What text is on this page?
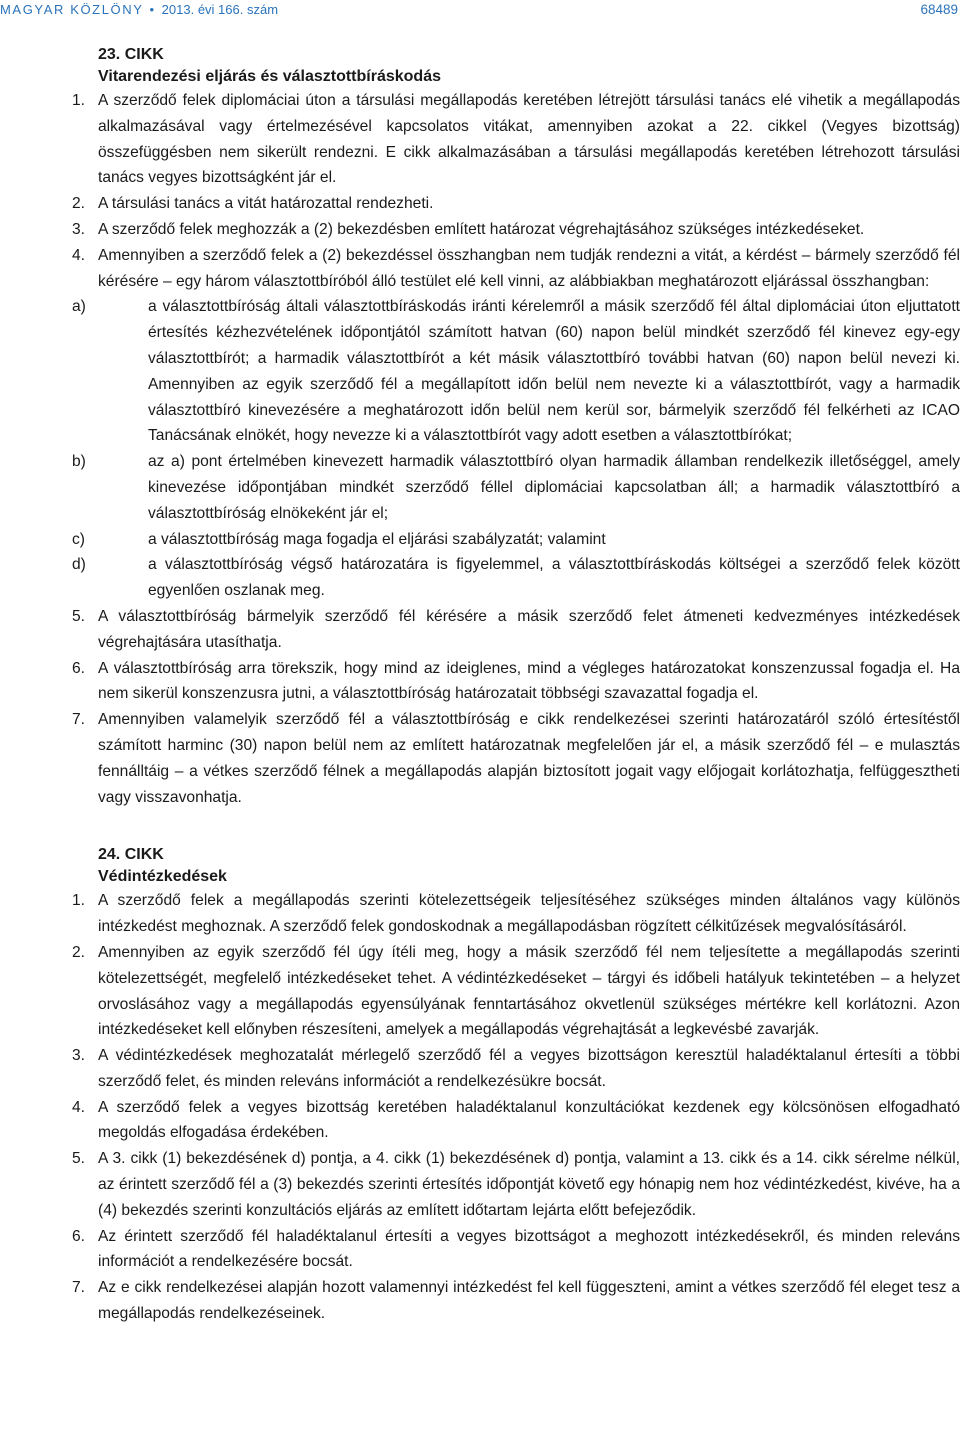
MAGYAR KÖZLÖNY • 2013. évi 166. szám	68489
23. CIKK
Vitarendezési eljárás és választottbíráskodás
1. A szerződő felek diplomáciai úton a társulási megállapodás keretében létrejött társulási tanács elé vihetik a megállapodás alkalmazásával vagy értelmezésével kapcsolatos vitákat, amennyiben azokat a 22. cikkel (Vegyes bizottság) összefüggésben nem sikerült rendezni. E cikk alkalmazásában a társulási megállapodás keretében létrehozott társulási tanács vegyes bizottságként jár el.
2. A társulási tanács a vitát határozattal rendezheti.
3. A szerződő felek meghozzák a (2) bekezdésben említett határozat végrehajtásához szükséges intézkedéseket.
4. Amennyiben a szerződő felek a (2) bekezdéssel összhangban nem tudják rendezni a vitát, a kérdést – bármely szerződő fél kérésére – egy három választottbíróból álló testület elé kell vinni, az alábbiakban meghatározott eljárással összhangban:
a)	a választottbíróság általi választottbíráskodás iránti kérelemről a másik szerződő fél által diplomáciai úton eljuttatott értesítés kézhezvételének időpontjától számított hatvan (60) napon belül mindkét szerződő fél kinevez egy-egy választottbírót; a harmadik választottbírót a két másik választottbíró további hatvan (60) napon belül nevezi ki. Amennyiben az egyik szerződő fél a megállapított időn belül nem nevezte ki a választottbírót, vagy a harmadik választottbíró kinevezésére a meghatározott időn belül nem kerül sor, bármelyik szerződő fél felkérheti az ICAO Tanácsának elnökét, hogy nevezze ki a választottbírót vagy adott esetben a választottbírókat;
b)	az a) pont értelmében kinevezett harmadik választottbíró olyan harmadik államban rendelkezik illetőséggel, amely kinevezése időpontjában mindkét szerződő féllel diplomáciai kapcsolatban áll; a harmadik választottbíró a választottbíróság elnökeként jár el;
c)	a választottbíróság maga fogadja el eljárási szabályzatát; valamint
d)	a választottbíróság végső határozatára is figyelemmel, a választottbíráskodás költségei a szerződő felek között egyenlően oszlanak meg.
5. A választottbíróság bármelyik szerződő fél kérésére a másik szerződő felet átmeneti kedvezményes intézkedések végrehajtására utasíthatja.
6. A választottbíróság arra törekszik, hogy mind az ideiglenes, mind a végleges határozatokat konszenzussal fogadja el. Ha nem sikerül konszenzusra jutni, a választottbíróság határozatait többségi szavazattal fogadja el.
7. Amennyiben valamelyik szerződő fél a választottbíróság e cikk rendelkezései szerinti határozatáról szóló értesítéstől számított harminc (30) napon belül nem az említett határozatnak megfelelően jár el, a másik szerződő fél – e mulasztás fennálltáig – a vétkes szerződő félnek a megállapodás alapján biztosított jogait vagy előjogait korlátozhatja, felfüggesztheti vagy visszavonhatja.
24. CIKK
Védintézkedések
1. A szerződő felek a megállapodás szerinti kötelezettségeik teljesítéséhez szükséges minden általános vagy különös intézkedést meghoznak. A szerződő felek gondoskodnak a megállapodásban rögzített célkitűzések megvalósításáról.
2. Amennyiben az egyik szerződő fél úgy ítéli meg, hogy a másik szerződő fél nem teljesítette a megállapodás szerinti kötelezettségét, megfelelő intézkedéseket tehet. A védintézkedéseket – tárgyi és időbeli hatályuk tekintetében – a helyzet orvoslásához vagy a megállapodás egyensúlyának fenntartásához okvetlenül szükséges mértékre kell korlátozni. Azon intézkedéseket kell előnyben részesíteni, amelyek a megállapodás végrehajtását a legkevésbé zavarják.
3. A védintézkedések meghozatalát mérlegelő szerződő fél a vegyes bizottságon keresztül haladéktalanul értesíti a többi szerződő felet, és minden releváns információt a rendelkezésükre bocsát.
4. A szerződő felek a vegyes bizottság keretében haladéktalanul konzultációkat kezdenek egy kölcsönösen elfogadható megoldás elfogadása érdekében.
5. A 3. cikk (1) bekezdésének d) pontja, a 4. cikk (1) bekezdésének d) pontja, valamint a 13. cikk és a 14. cikk sérelme nélkül, az érintett szerződő fél a (3) bekezdés szerinti értesítés időpontját követő egy hónapig nem hoz védintézkedést, kivéve, ha a (4) bekezdés szerinti konzultációs eljárás az említett időtartam lejárta előtt befejeződik.
6. Az érintett szerződő fél haladéktalanul értesíti a vegyes bizottságot a meghozott intézkedésekről, és minden releváns információt a rendelkezésére bocsát.
7. Az e cikk rendelkezései alapján hozott valamennyi intézkedést fel kell függeszteni, amint a vétkes szerződő fél eleget tesz a megállapodás rendelkezéseinek.
